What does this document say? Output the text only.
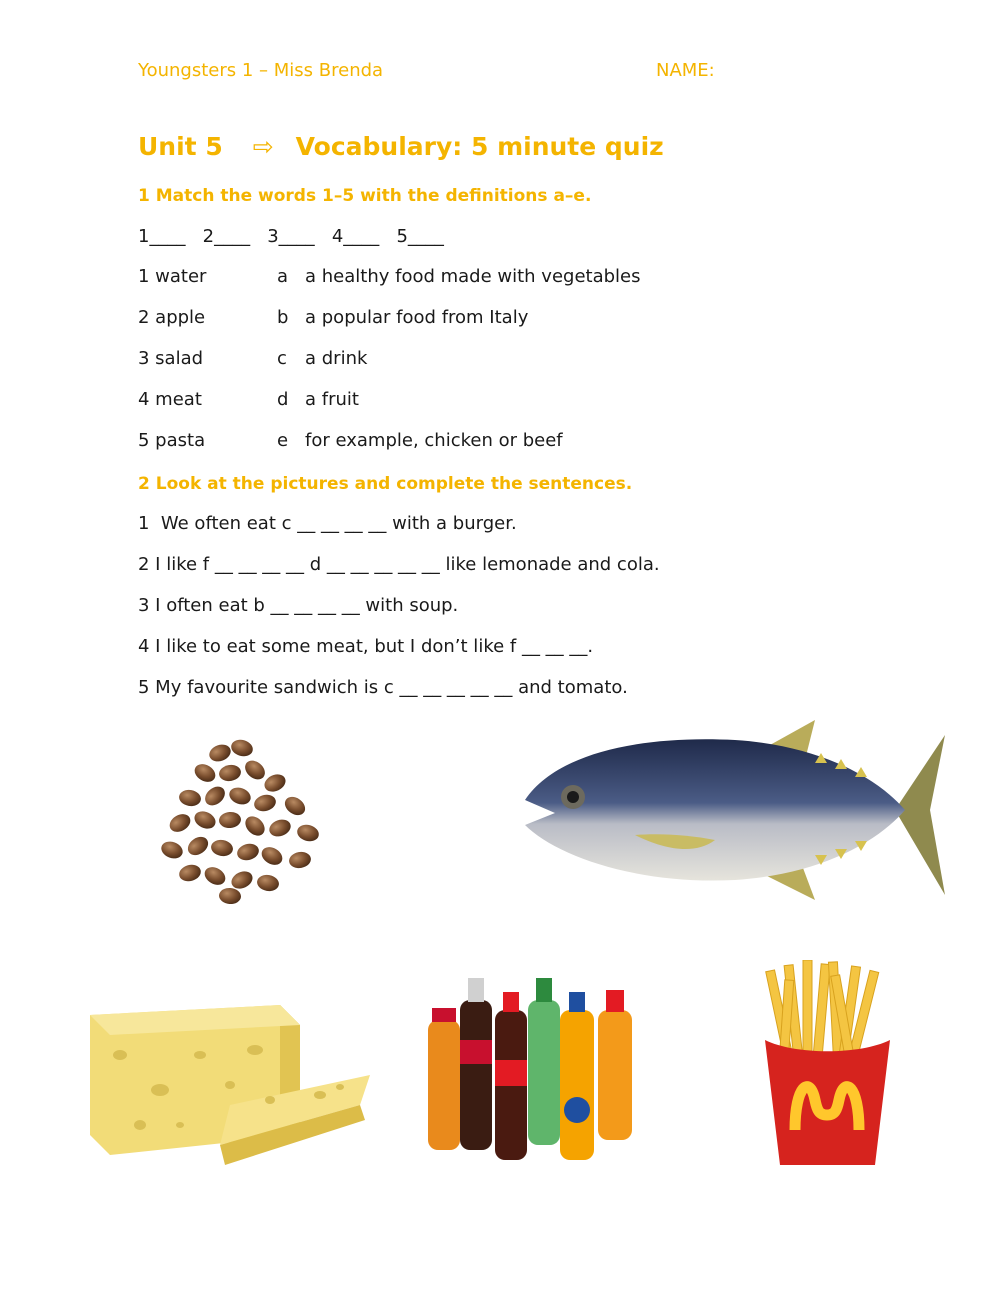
Youngsters 1 – Miss Brenda	NAME:
Unit 5 ⇨ Vocabulary: 5 minute quiz
1 Match the words 1–5 with the definitions a–e.
1____   2____   3____   4____   5____
1 water	a a healthy food made with vegetables
2 apple	b a popular food from Italy
3 salad	c a drink
4 meat	d a fruit
5 pasta	e for example, chicken or beef
2 Look at the pictures and complete the sentences.
1  We often eat c __ __ __ __ with a burger.
2 I like f __ __ __ __ d __ __ __ __ __ like lemonade and cola.
3 I often eat b __ __ __ __ with soup.
4 I like to eat some meat, but I don’t like f __ __ __.
5 My favourite sandwich is c __ __ __ __ __ and tomato.
